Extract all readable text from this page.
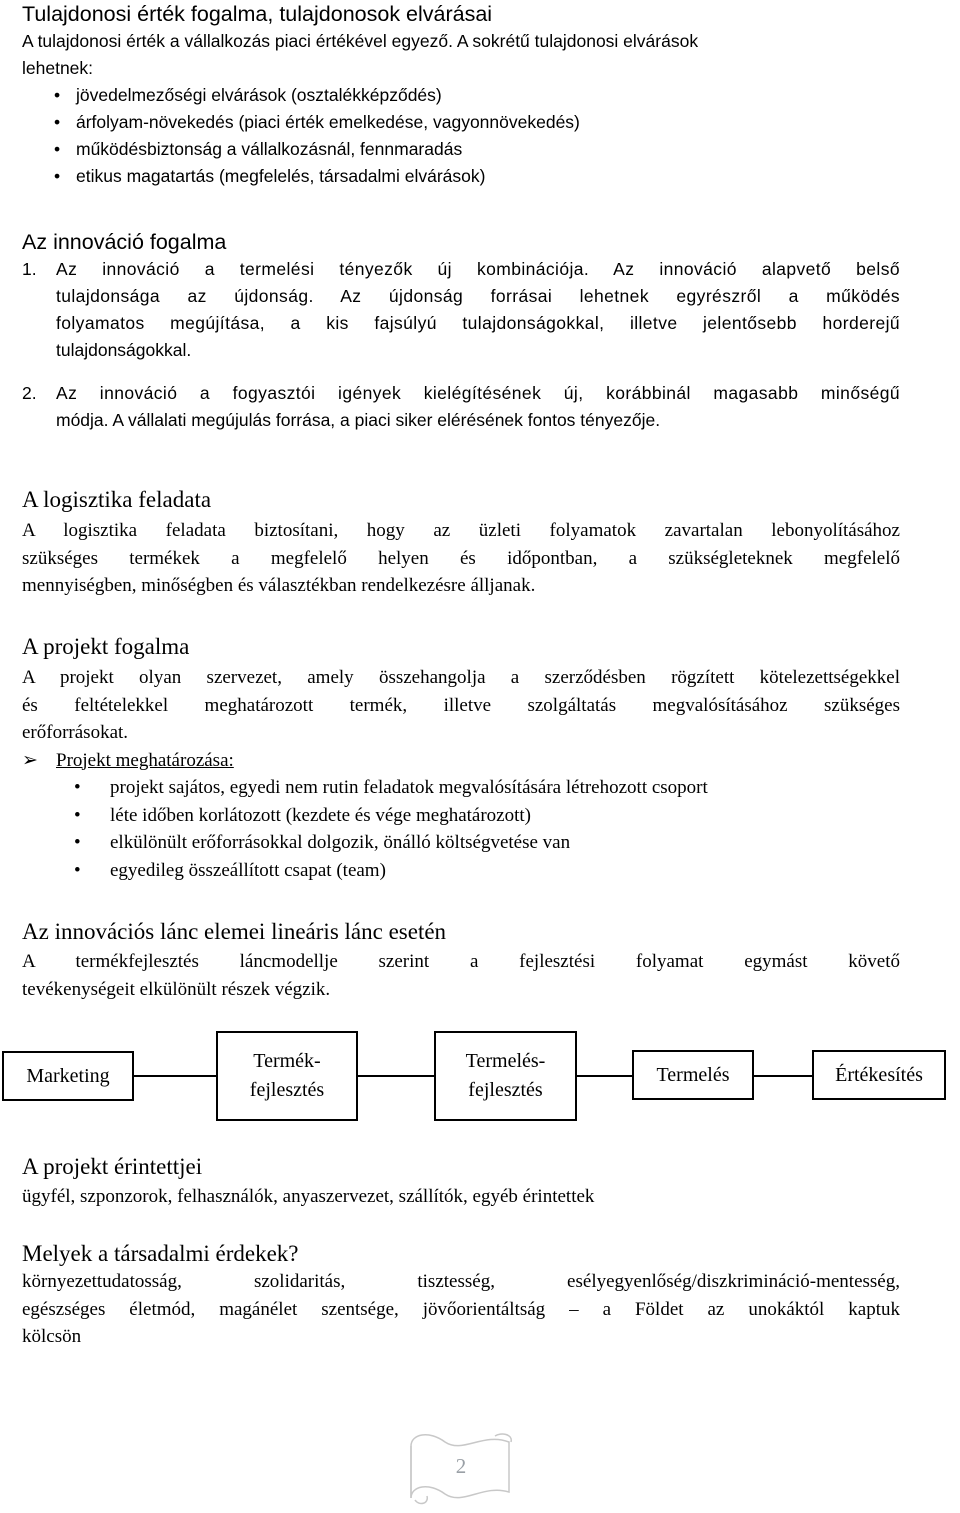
Tulajdonosi érték fogalma, tulajdonosok elvárásai

A tulajdonosi érték a vállalkozás piaci értékével egyező. A sokrétű tulajdonosi elvárások

lehetnek:

• jövedelmezőségi elvárások (osztalékképződés)
• árfolyam-növekedés (piaci érték emelkedése, vagyonnövekedés)
• működésbiztonság a vállalkozásnál, fennmaradás
• etikus magatartás (megfelelés, társadalmi elvárások)
Az innováció fogalma
1.	Az innováció a termelési tényezők új kombinációja. Az innováció alapvető belső
tulajdonsága az újdonság. Az újdonság forrásai lehetnek egyrészről a működés
folyamatos megújítása, a kis fajsúlyú tulajdonságokkal, illetve jelentősebb horderejű
tulajdonságokkal.
2.	Az innováció a fogyasztói igények kielégítésének új, korábbinál magasabb minőségű
módja. A vállalati megújulás forrása, a piaci siker elérésének fontos tényezője.
A logisztika feladata

A logisztika feladata biztosítani, hogy az üzleti folyamatok zavartalan lebonyolításához

szükséges termékek a megfelelő helyen és időpontban, a szükségleteknek megfelelő

mennyiségben, minőségben és választékban rendelkezésre álljanak.

A projekt fogalma

A projekt olyan szervezet, amely összehangolja a szerződésben rögzített kötelezettségekkel

és feltételekkel meghatározott termék, illetve szolgáltatás megvalósításához szükséges

erőforrásokat.

➢ Projekt meghatározása:

• projekt sajátos, egyedi nem rutin feladatok megvalósítására létrehozott csoport
• léte időben korlátozott (kezdete és vége meghatározott)
• elkülönült erőforrásokkal dolgozik, önálló költségvetése van
• egyedileg összeállított csapat (team)
Az innovációs lánc elemei lineáris lánc esetén

A termékfejlesztés láncmodellje szerint a fejlesztési folyamat egymást követő

tevékenységeit elkülönült részek végzik.

A projekt érintettjei

ügyfél, szponzorok, felhasználók, anyaszervezet, szállítók, egyéb érintettek

Melyek a társadalmi érdekek?

környezettudatosság, szolidaritás, tisztesség, esélyegyenlőség/diszkrimináció-mentesség,

egészséges életmód, magánélet szentsége, jövőorientáltság – a Földet az unokáktól kaptuk

kölcsön

Marketing
Termék-
fejlesztés
Termelés-
fejlesztés
Termelés	Értékesítés
2
